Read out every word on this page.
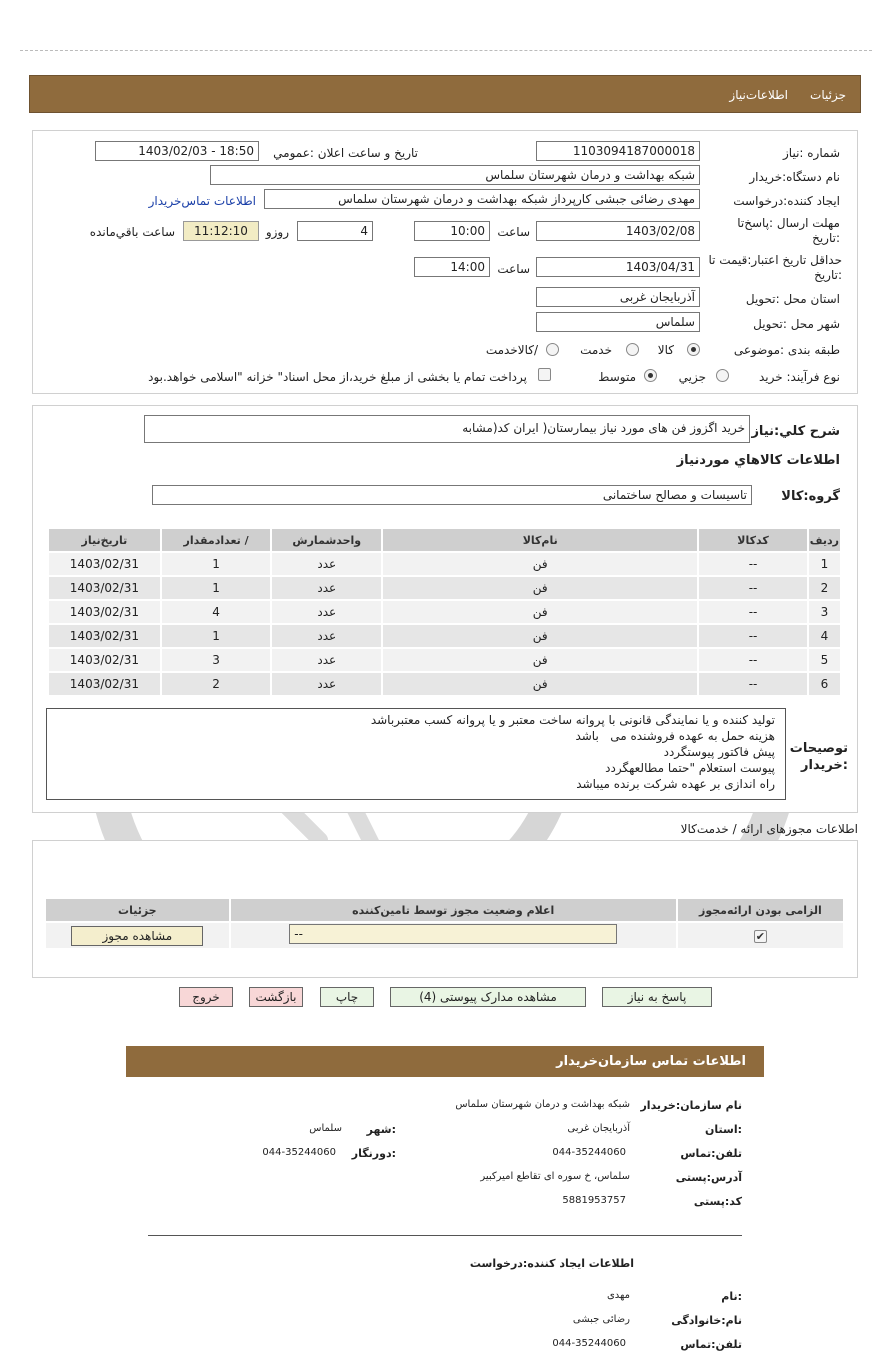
جزئیات
اطلاعات‌نیاز
شماره :نیاز
1103094187000018
تاریخ و ساعت اعلان :عمومي
1403/02/03 - 18:50
نام دستگاه:خریدار
شبکه بهداشت و درمان شهرستان سلماس
ایجاد کننده:درخواست
مهدی رضائی جبشی کارپرداز شبکه بهداشت و درمان شهرستان سلماس
اطلاعات تماس‌خریدار
مهلت ارسال :پاسخ‌تا :تاریخ
1403/02/08
ساعت
10:00
4
روزو
11:12:10
ساعت باقي‌مانده
حداقل تاریخ اعتبار:قیمت تا :تاریخ
1403/04/31
ساعت
14:00
استان محل :تحویل
آذربایجان غربی
شهر محل :تحویل
سلماس
طبقه بندی :موضوعی
کالا
خدمت
/کالاخدمت
نوع فرآیند: خرید
جزیي
متوسط
پرداخت تمام یا بخشی از مبلغ خرید،از محل اسناد" خزانه "اسلامی خواهد.بود
شرح کلي:نیاز
خرید اگزوز فن های مورد نیاز بیمارستان( ایران کد(مشابه
اطلاعات کالاهاي موردنیاز
گروه:کالا
تاسیسات و مصالح ساختمانی
ردیف	کدکالا	نام‌کالا	واحدشمارش	/ تعدادمقدار	تاریخ‌نیاز
1	--	فن	عدد	1	1403/02/31
2	--	فن	عدد	1	1403/02/31
3	--	فن	عدد	4	1403/02/31
4	--	فن	عدد	1	1403/02/31
5	--	فن	عدد	3	1403/02/31
6	--	فن	عدد	2	1403/02/31
توصیحات :خریدار
تولید کننده و یا نمایندگی قانونی با پروانه ساخت معتبر و یا پروانه کسب معتبرباشد
هزینه حمل به عهده فروشنده می   باشد
پیش فاکتور پیوستگردد
پیوست استعلام "حتما مطالعهگردد
راه اندازی بر عهده شرکت برنده میباشد
اطلاعات مجوزهای ارائه / خدمت‌کالا
الزامی بودن ارائه‌مجوز	اعلام وضعیت مجوز توسط تامین‌کننده	جزئیات
✔	--	مشاهده مجوز
پاسخ به نیاز
مشاهده مدارک پیوستی (4)
چاپ
بازگشت
خروج
اطلاعات تماس سازمان‌خریدار
نام سازمان:خریدار
شبکه بهداشت و درمان شهرستان سلماس
:استان
آذربایجان غربی
:شهر
سلماس
تلفن:تماس
044-35244060
:دورنگار
044-35244060
آدرس:پستی
سلماس، خ سوره ای تقاطع امیرکبیر
کد:پستی
5881953757
اطلاعات ایجاد کننده:درخواست
:نام
مهدی
نام:خانوادگی
رضائی جبشی
تلفن:تماس
044-35244060
